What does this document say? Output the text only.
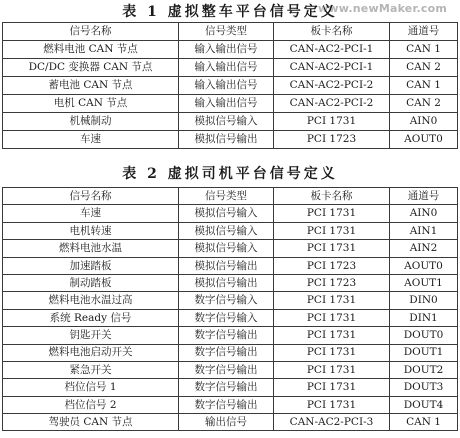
www.newMaker.com
表 1 虚拟整车平台信号定义
信号名称	信号类型	板卡名称	通道号
燃料电池 CAN 节点	输入输出信号	CAN-AC2-PCI-1	CAN 1
DC/DC 变换器 CAN 节点	输入输出信号	CAN-AC2-PCI-1	CAN 2
蓄电池 CAN 节点	输入输出信号	CAN-AC2-PCI-2	CAN 1
电机 CAN 节点	输入输出信号	CAN-AC2-PCI-2	CAN 2
机械制动	模拟信号输入	PCI 1731	AIN0
车速	模拟信号输出	PCI 1723	AOUT0
表 2 虚拟司机平台信号定义
信号名称	信号类型	板卡名称	通道号
车速	模拟信号输入	PCI 1731	AIN0
电机转速	模拟信号输入	PCI 1731	AIN1
燃料电池水温	模拟信号输入	PCI 1731	AIN2
加速踏板	模拟信号输出	PCI 1723	AOUT0
制动踏板	模拟信号输出	PCI 1723	AOUT1
燃料电池水温过高	数字信号输入	PCI 1731	DIN0
系统 Ready 信号	数字信号输入	PCI 1731	DIN1
钥匙开关	数字信号输出	PCI 1731	DOUT0
燃料电池启动开关	数字信号输出	PCI 1731	DOUT1
紧急开关	数字信号输出	PCI 1731	DOUT2
档位信号 1	数字信号输出	PCI 1731	DOUT3
档位信号 2	数字信号输出	PCI 1731	DOUT4
驾驶员 CAN 节点	输出信号	CAN-AC2-PCI-3	CAN 1
